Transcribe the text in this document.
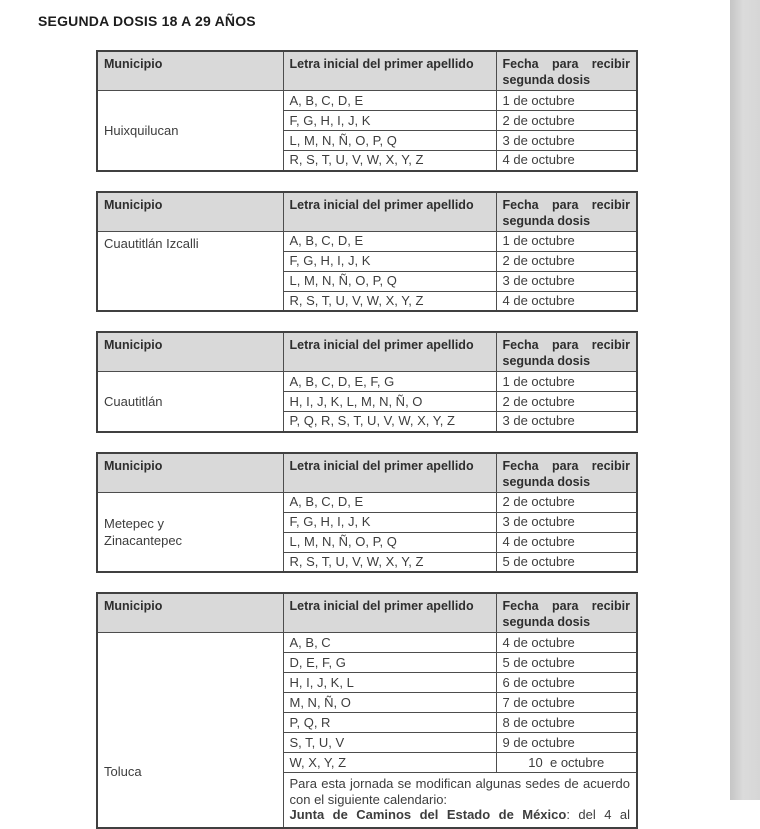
SEGUNDA DOSIS 18 A 29 AÑOS
Municipio	Letra inicial del primer apellido	Fecha para recibir
segunda dosis

Huixquilucan	A, B, C, D, E	1 de octubre
	F, G, H, I, J, K	2 de octubre
	L, M, N, Ñ, O, P, Q	3 de octubre
	R, S, T, U, V, W, X, Y, Z	4 de octubre
Municipio	Letra inicial del primer apellido	Fecha para recibir
segunda dosis

Cuautitlán Izcalli	A, B, C, D, E	1 de octubre
	F, G, H, I, J, K	2 de octubre
	L, M, N, Ñ, O, P, Q	3 de octubre
	R, S, T, U, V, W, X, Y, Z	4 de octubre
Municipio	Letra inicial del primer apellido	Fecha para recibir
segunda dosis

Cuautitlán	A, B, C, D, E, F, G	1 de octubre
	H, I, J, K, L, M, N, Ñ, O	2 de octubre
	P, Q, R, S, T, U, V, W, X, Y, Z	3 de octubre
Municipio	Letra inicial del primer apellido	Fecha para recibir
segunda dosis

Metepec y Zinacantepec	A, B, C, D, E	2 de octubre
	F, G, H, I, J, K	3 de octubre
	L, M, N, Ñ, O, P, Q	4 de octubre
	R, S, T, U, V, W, X, Y, Z	5 de octubre
Municipio	Letra inicial del primer apellido	Fecha para recibir
segunda dosis

Toluca	A, B, C	4 de octubre
	D, E, F, G	5 de octubre
	H, I, J, K, L	6 de octubre
	M, N, Ñ, O	7 de octubre
	P, Q, R	8 de octubre
	S, T, U, V	9 de octubre
	W, X, Y, Z	10  e octubre

	Para esta jornada se modifican algunas sedes de acuerdo con el siguiente calendario:
Junta de Caminos del Estado de México: del 4 al	
